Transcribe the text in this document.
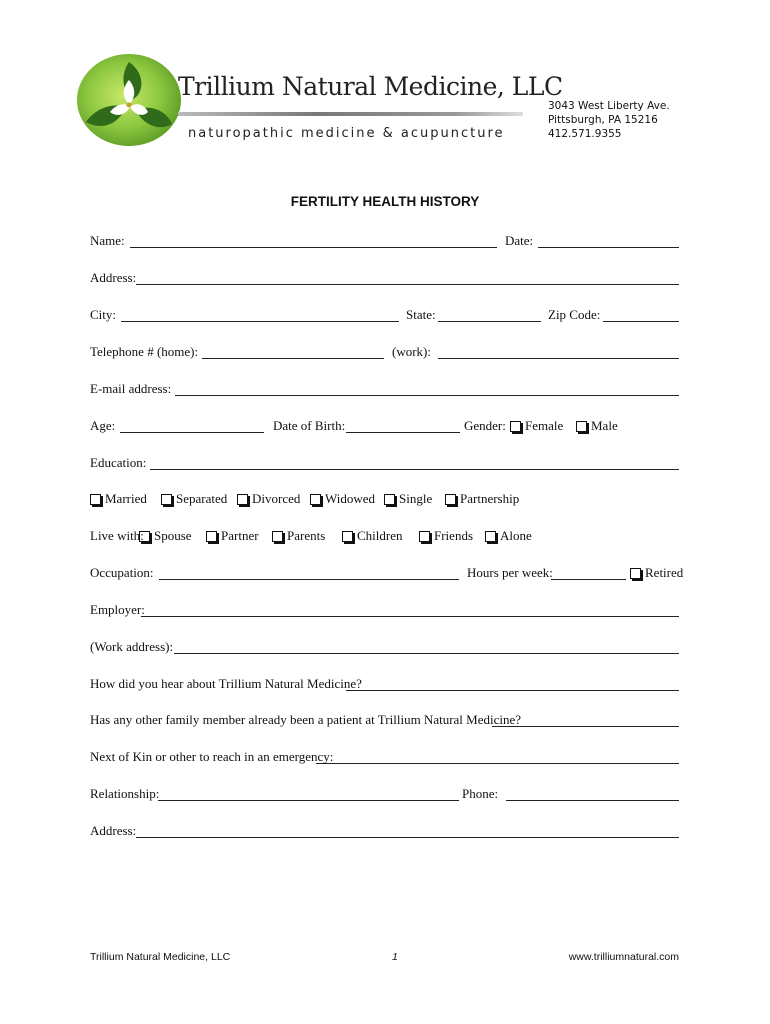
Trillium Natural Medicine, LLC
naturopathic medicine & acupuncture
3043 West Liberty Ave.
Pittsburgh, PA 15216
412.571.9355
FERTILITY HEALTH HISTORY
Name:	Date:
Address:
City:	State:	Zip Code:
Telephone # (home):	(work):
E-mail address:
Age:	Date of Birth:	Gender: Female Male
Education:
Married Separated Divorced Widowed Single Partnership
Live with: Spouse Partner Parents Children Friends Alone
Occupation:	Hours per week:	Retired
Employer:
(Work address):
How did you hear about Trillium Natural Medicine?
Has any other family member already been a patient at Trillium Natural Medicine?
Next of Kin or other to reach in an emergency:
Relationship:	Phone:
Address:
Trillium Natural Medicine, LLC	1	www.trilliumnatural.com
